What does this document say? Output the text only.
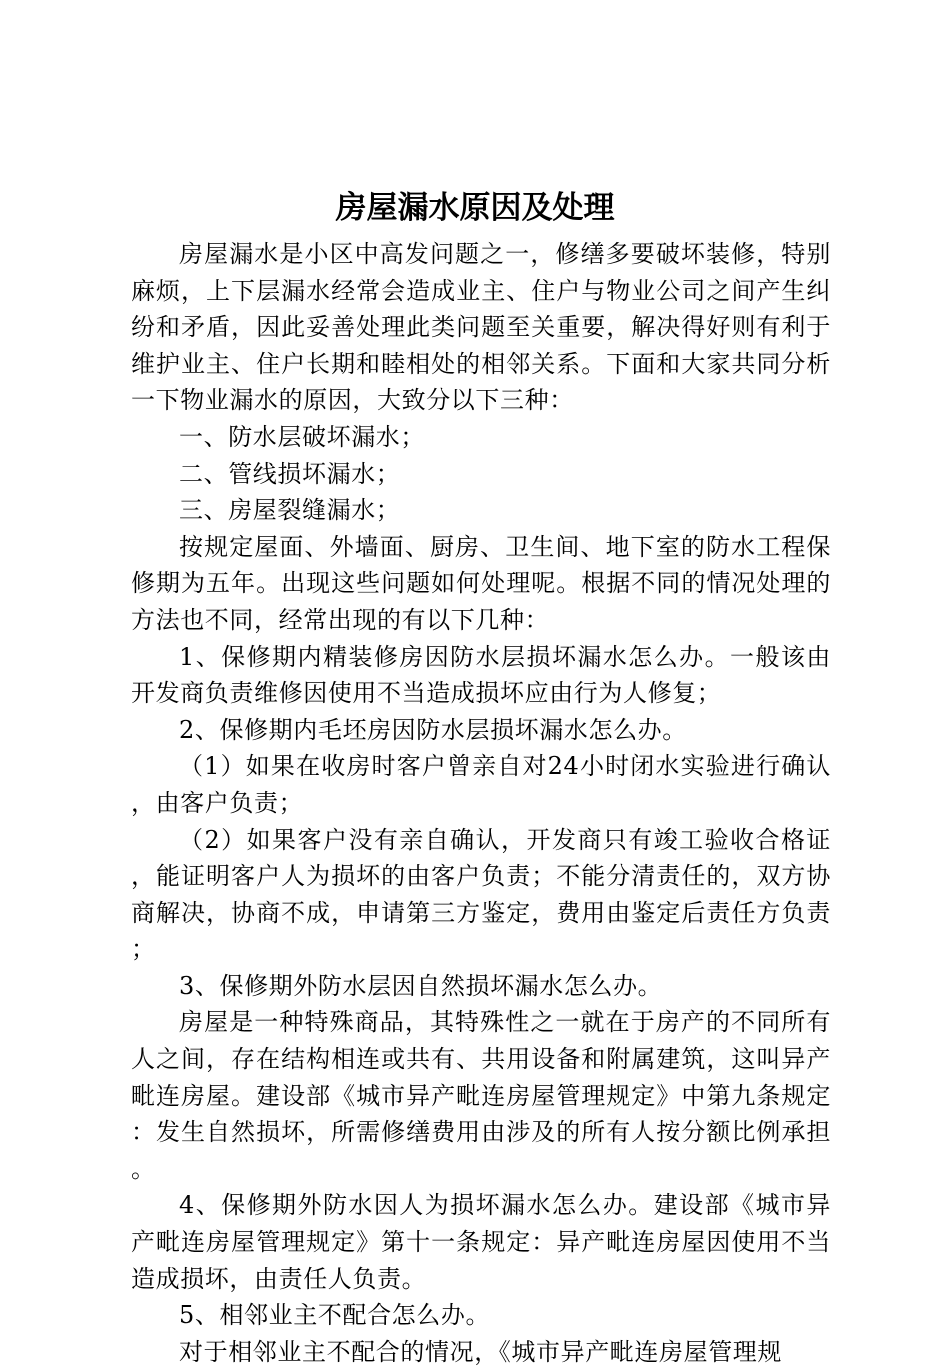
房屋漏水原因及处理

房屋漏水是小区中高发问题之一，修缮多要破坏装修，特别麻烦，上下层漏水经常会造成业主、住户与物业公司之间产生纠纷和矛盾，因此妥善处理此类问题至关重要，解决得好则有利于维护业主、住户长期和睦相处的相邻关系。下面和大家共同分析一下物业漏水的原因，大致分以下三种：

一、防水层破坏漏水；

二、管线损坏漏水；

三、房屋裂缝漏水；

按规定屋面、外墙面、厨房、卫生间、地下室的防水工程保修期为五年。出现这些问题如何处理呢。根据不同的情况处理的方法也不同，经常出现的有以下几种：

1、保修期内精装修房因防水层损坏漏水怎么办。一般该由开发商负责维修因使用不当造成损坏应由行为人修复；

2、保修期内毛坯房因防水层损坏漏水怎么办。

（1）如果在收房时客户曾亲自对24小时闭水实验进行确认，由客户负责；

（2）如果客户没有亲自确认，开发商只有竣工验收合格证，能证明客户人为损坏的由客户负责；不能分清责任的，双方协商解决，协商不成，申请第三方鉴定，费用由鉴定后责任方负责；

3、保修期外防水层因自然损坏漏水怎么办。

房屋是一种特殊商品，其特殊性之一就在于房产的不同所有人之间，存在结构相连或共有、共用设备和附属建筑，这叫异产毗连房屋。建设部《城市异产毗连房屋管理规定》中第九条规定：发生自然损坏，所需修缮费用由涉及的所有人按分额比例承担。

4、保修期外防水因人为损坏漏水怎么办。建设部《城市异产毗连房屋管理规定》第十一条规定：异产毗连房屋因使用不当造成损坏，由责任人负责。

5、相邻业主不配合怎么办。

对于相邻业主不配合的情况，《城市异产毗连房屋管理规
